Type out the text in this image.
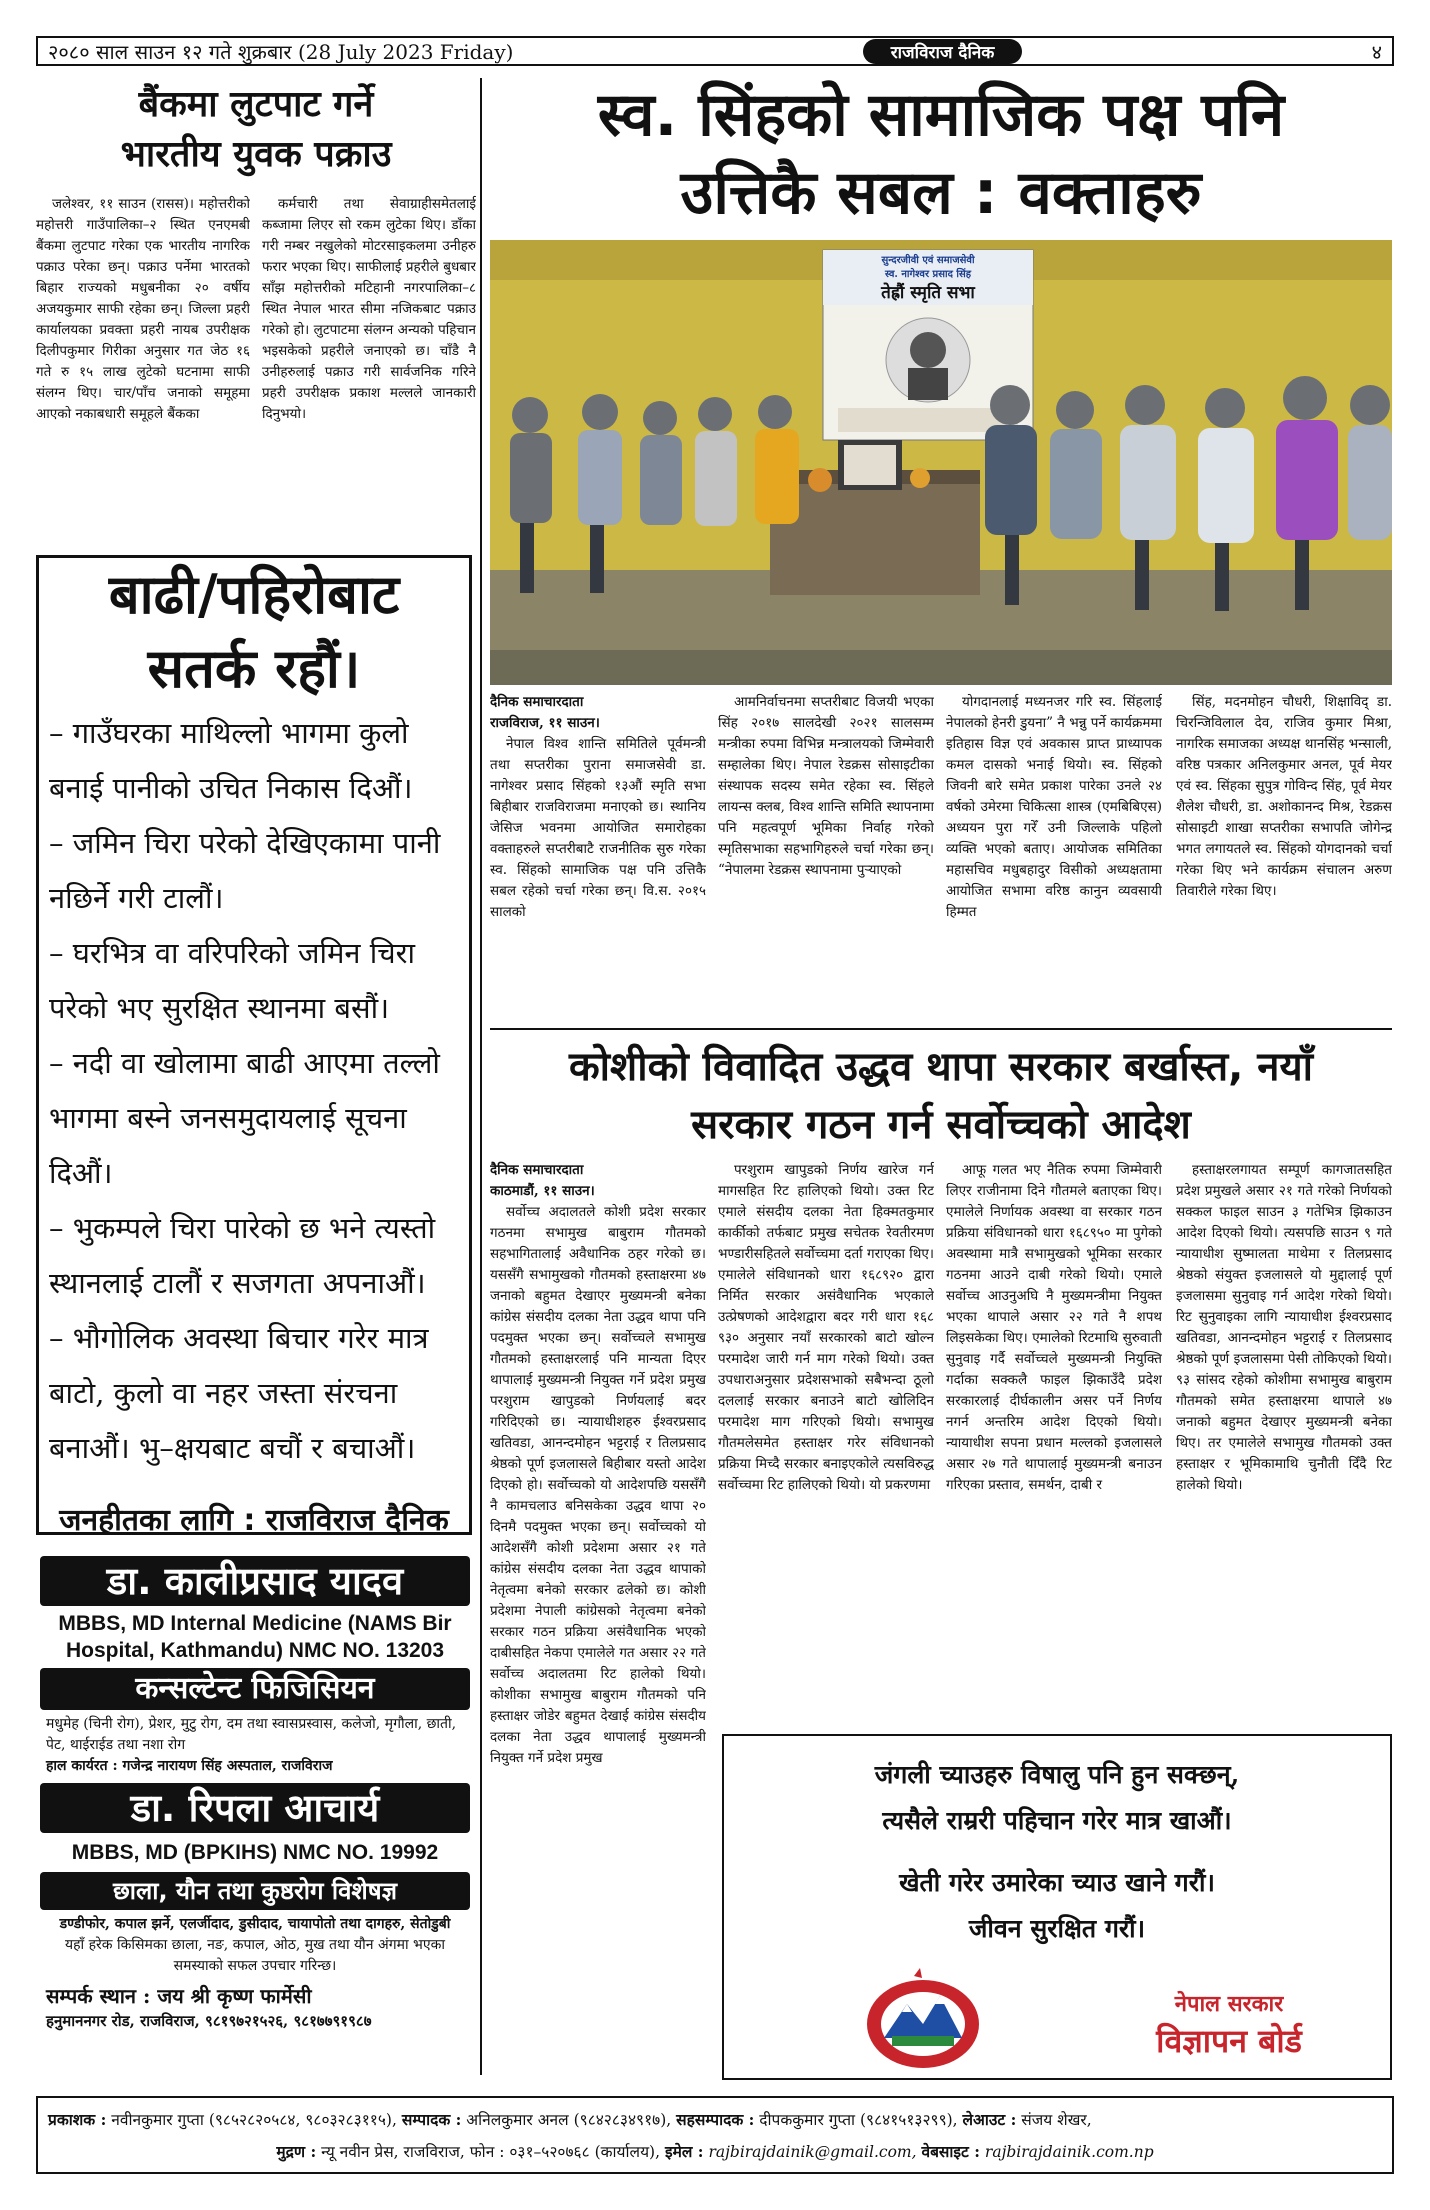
२०८० साल साउन १२ गते शुक्रबार (28 July 2023 Friday)	राजविराज दैनिक	४
बैंकमा लुटपाट गर्ने
भारतीय युवक पक्राउ

जलेश्वर, ११ साउन (रासस)। महोत्तरीको महोत्तरी गाउँपालिका–२ स्थित एनएमबी बैंकमा लुटपाट गरेका एक भारतीय नागरिक पक्राउ परेका छन्। पक्राउ पर्नेमा भारतको बिहार राज्यको मधुबनीका २० वर्षीय अजयकुमार साफी रहेका छन्। जिल्ला प्रहरी कार्यालयका प्रवक्ता प्रहरी नायब उपरीक्षक दिलीपकुमार गिरीका अनुसार गत जेठ १६ गते रु १५ लाख लुटेको घटनामा साफी संलग्न थिए। चार/पाँच जनाको समूहमा आएको नकाबधारी समूहले बैंकका

कर्मचारी तथा सेवाग्राहीसमेतलाई कब्जामा लिएर सो रकम लुटेका थिए। डाँका गरी नम्बर नखुलेको मोटरसाइकलमा उनीहरु फरार भएका थिए। साफीलाई प्रहरीले बुधबार साँझ महोत्तरीको मटिहानी नगरपालिका–८ स्थित नेपाल भारत सीमा नजिकबाट पक्राउ गरेको हो। लुटपाटमा संलग्न अन्यको पहिचान भइसकेको प्रहरीले जनाएको छ। चाँडै नै उनीहरुलाई पक्राउ गरी सार्वजनिक गरिने प्रहरी उपरीक्षक प्रकाश मल्लले जानकारी दिनुभयो।

स्व. सिंहको सामाजिक पक्ष पनि
उत्तिकै सबल : वक्ताहरु
सुन्दरजीवी एवं समाजसेवी
स्व. नागेश्वर प्रसाद सिंह
तेह्रौं स्मृति सभा

दैनिक समाचारदाता

राजविराज, ११ साउन।

नेपाल विश्व शान्ति समितिले पूर्वमन्त्री तथा सप्तरीका पुराना समाजसेवी डा. नागेश्वर प्रसाद सिंहको १३औं स्मृति सभा बिहीबार राजविराजमा मनाएको छ। स्थानिय जेसिज भवनमा आयोजित समारोहका वक्ताहरुले सप्तरीबाटै राजनीतिक सुरु गरेका स्व. सिंहको सामाजिक पक्ष पनि उत्तिकै सबल रहेको चर्चा गरेका छन्। वि.स. २०१५ सालको

आमनिर्वाचनमा सप्तरीबाट विजयी भएका सिंह २०१७ सालदेखी २०२१ सालसम्म मन्त्रीका रुपमा विभिन्न मन्त्रालयको जिम्मेवारी सम्हालेका थिए। नेपाल रेडक्रस सोसाइटीका संस्थापक सदस्य समेत रहेका स्व. सिंहले लायन्स क्लब, विश्व शान्ति समिति स्थापनामा पनि महत्वपूर्ण भूमिका निर्वाह गरेको स्मृतिसभाका सहभागिहरुले चर्चा गरेका छन्। “नेपालमा रेडक्रस स्थापनामा पुऱ्याएको

योगदानलाई मध्यनजर गरि स्व. सिंहलाई नेपालको हेनरी डुयना” नै भन्नु पर्ने कार्यक्रममा इतिहास विज्ञ एवं अवकास प्राप्त प्राध्यापक कमल दासको भनाई थियो। स्व. सिंहको जिवनी बारे समेत प्रकाश पारेका उनले २४ वर्षको उमेरमा चिकित्सा शास्त्र (एमबिबिएस) अध्ययन पुरा गरेँ उनी जिल्लाके पहिलो व्यक्ति भएको बताए। आयोजक समितिका महासचिव मधुबहादुर विसीको अध्यक्षतामा आयोजित सभामा वरिष्ठ कानुन व्यवसायी हिम्मत

सिंह, मदनमोहन चौधरी, शिक्षाविद् डा. चिरन्जिविलाल देव, राजिव कुमार मिश्रा, नागरिक समाजका अध्यक्ष थानसिंह भन्साली, वरिष्ठ पत्रकार अनिलकुमार अनल, पूर्व मेयर एवं स्व. सिंहका सुपुत्र गोविन्द सिंह, पूर्व मेयर शैलेश चौधरी, डा. अशोकानन्द मिश्र, रेडक्रस सोसाइटी शाखा सप्तरीका सभापति जोगेन्द्र भगत लगायतले स्व. सिंहको योगदानको चर्चा गरेका थिए भने कार्यक्रम संचालन अरुण तिवारीले गरेका थिए।

बाढी/पहिरोबाट
सतर्क रहौं।
– गाउँघरका माथिल्लो भागमा कुलो बनाई पानीको उचित निकास दिऔं।
– जमिन चिरा परेको देखिएकामा पानी नछिर्ने गरी टालौं।
– घरभित्र वा वरिपरिको जमिन चिरा परेको भए सुरक्षित स्थानमा बसौं।
– नदी वा खोलामा बाढी आएमा तल्लो भागमा बस्ने जनसमुदायलाई सूचना दिऔं।
– भुकम्पले चिरा पारेको छ भने त्यस्तो स्थानलाई टालौं र सजगता अपनाऔं।
– भौगोलिक अवस्था बिचार गरेर मात्र बाटो, कुलो वा नहर जस्ता संरचना बनाऔं। भु–क्षयबाट बचौं र बचाऔं।
जनहीतका लागि : राजविराज दैनिक
डा. कालीप्रसाद यादव
MBBS, MD Internal Medicine (NAMS Bir Hospital, Kathmandu) NMC NO. 13203
कन्सल्टेन्ट फिजिसियन
मधुमेह (चिनी रोग), प्रेशर, मुटु रोग, दम तथा स्वासप्रस्वास, कलेजो, मृगौला, छाती, पेट, थाईराईड तथा नशा रोग
हाल कार्यरत : गजेन्द्र नारायण सिंह अस्पताल, राजविराज
डा. रिपला आचार्य
MBBS, MD (BPKIHS) NMC NO. 19992
छाला, यौन तथा कुष्ठरोग विशेषज्ञ
डण्डीफोर, कपाल झर्ने, एलर्जीदाद, डुसीदाद, चायापोतो तथा दागहरु, सेतोडुबी
यहाँ हरेक किसिमका छाला, नङ, कपाल, ओठ, मुख तथा यौन अंगमा भएका समस्याको सफल उपचार गरिन्छ।
सम्पर्क स्थान : जय श्री कृष्ण फार्मेसी
हनुमाननगर रोड, राजविराज, ९८१९७२१५२६, ९८१७७९१९८७
कोशीको विवादित उद्धव थापा सरकार बर्खास्त, नयाँ
सरकार गठन गर्न सर्वोच्चको आदेश

दैनिक समाचारदाता

काठमाडौं, ११ साउन।

सर्वोच्च अदालतले कोशी प्रदेश सरकार गठनमा सभामुख बाबुराम गौतमको सहभागितालाई अवैधानिक ठहर गरेको छ। यससँगै सभामुखको गौतमको हस्ताक्षरमा ४७ जनाको बहुमत देखाएर मुख्यमन्त्री बनेका कांग्रेस संसदीय दलका नेता उद्धव थापा पनि पदमुक्त भएका छन्। सर्वोच्चले सभामुख गौतमको हस्ताक्षरलाई पनि मान्यता दिएर थापालाई मुख्यमन्त्री नियुक्त गर्ने प्रदेश प्रमुख परशुराम खापुडको निर्णयलाई बदर गरिदिएको छ। न्यायाधीशहरु ईश्वरप्रसाद खतिवडा, आनन्दमोहन भट्टराई र तिलप्रसाद श्रेष्ठको पूर्ण इजलासले बिहीबार यस्तो आदेश दिएको हो। सर्वोच्चको यो आदेशपछि यससँगै नै कामचलाउ बनिसकेका उद्धव थापा २० दिनमै पदमुक्त भएका छन्। सर्वोच्चको यो आदेशसँगै कोशी प्रदेशमा असार २१ गते कांग्रेस संसदीय दलका नेता उद्धव थापाको नेतृत्वमा बनेको सरकार ढलेको छ। कोशी प्रदेशमा नेपाली कांग्रेसको नेतृत्वमा बनेको सरकार गठन प्रक्रिया असंवैधानिक भएको दाबीसहित नेकपा एमालेले गत असार २२ गते सर्वोच्च अदालतमा रिट हालेको थियो। कोशीका सभामुख बाबुराम गौतमको पनि हस्ताक्षर जोडेर बहुमत देखाई कांग्रेस संसदीय दलका नेता उद्धव थापालाई मुख्यमन्त्री नियुक्त गर्ने प्रदेश प्रमुख

परशुराम खापुडको निर्णय खारेज गर्न मागसहित रिट हालिएको थियो। उक्त रिट एमाले संसदीय दलका नेता हिक्मतकुमार कार्कीको तर्फबाट प्रमुख सचेतक रेवतीरमण भण्डारीसहितले सर्वोच्चमा दर्ता गराएका थिए। एमालेले संविधानको धारा १६८९२० द्वारा निर्मित सरकार असंवैधानिक भएकाले उत्प्रेषणको आदेशद्वारा बदर गरी धारा १६८ ९३० अनुसार नयाँ सरकारको बाटो खोल्न परमादेश जारी गर्न माग गरेको थियो। उक्त उपधाराअनुसार प्रदेशसभाको सबैभन्दा ठूलो दललाई सरकार बनाउने बाटो खोलिदिन परमादेश माग गरिएको थियो। सभामुख गौतमलेसमेत हस्ताक्षर गरेर संविधानको प्रक्रिया मिच्दै सरकार बनाइएकोले त्यसविरुद्ध सर्वोच्चमा रिट हालिएको थियो। यो प्रकरणमा

आफू गलत भए नैतिक रुपमा जिम्मेवारी लिएर राजीनामा दिने गौतमले बताएका थिए। एमालेले निर्णायक अवस्था वा सरकार गठन प्रक्रिया संविधानको धारा १६८९५० मा पुगेको अवस्थामा मात्रै सभामुखको भूमिका सरकार गठनमा आउने दाबी गरेको थियो। एमाले सर्वोच्च आउनुअघि नै मुख्यमन्त्रीमा नियुक्त भएका थापाले असार २२ गते नै शपथ लिइसकेका थिए। एमालेको रिटमाथि सुरुवाती सुनुवाइ गर्दै सर्वोच्चले मुख्यमन्त्री नियुक्ति गर्दाका सक्कलै फाइल झिकाउँदै प्रदेश सरकारलाई दीर्घकालीन असर पर्ने निर्णय नगर्न अन्तरिम आदेश दिएको थियो। न्यायाधीश सपना प्रधान मल्लको इजलासले असार २७ गते थापालाई मुख्यमन्त्री बनाउन गरिएका प्रस्ताव, समर्थन, दाबी र

हस्ताक्षरलगायत सम्पूर्ण कागजातसहित प्रदेश प्रमुखले असार २१ गते गरेको निर्णयको सक्कल फाइल साउन ३ गतेभित्र झिकाउन आदेश दिएको थियो। त्यसपछि साउन ९ गते न्यायाधीश सुष्मालता माथेमा र तिलप्रसाद श्रेष्ठको संयुक्त इजलासले यो मुद्दालाई पूर्ण इजलासमा सुनुवाइ गर्न आदेश गरेको थियो। रिट सुनुवाइका लागि न्यायाधीश ईश्वरप्रसाद खतिवडा, आनन्दमोहन भट्टराई र तिलप्रसाद श्रेष्ठको पूर्ण इजलासमा पेसी तोकिएको थियो। ९३ सांसद रहेको कोशीमा सभामुख बाबुराम गौतमको समेत हस्ताक्षरमा थापाले ४७ जनाको बहुमत देखाएर मुख्यमन्त्री बनेका थिए। तर एमालेले सभामुख गौतमको उक्त हस्ताक्षर र भूमिकामाथि चुनौती दिँदै रिट हालेको थियो।

जंगली च्याउहरु विषालु पनि हुन सक्छन्,
त्यसैले राम्ररी पहिचान गरेर मात्र खाऔं।
खेती गरेर उमारेका च्याउ खाने गरौं।
जीवन सुरक्षित गरौं।
नेपाल सरकार
विज्ञापन बोर्ड
प्रकाशक : नवीनकुमार गुप्ता (९८५२८२०५८४, ९८०३२८३११५), सम्पादक : अनिलकुमार अनल (९८४२८३४९१७), सहसम्पादक : दीपककुमार गुप्ता (९८४१५१३२९९), लेआउट : संजय शेखर,
मुद्रण : न्यू नवीन प्रेस, राजविराज, फोन : ०३१–५२०७६८ (कार्यालय), इमेल : rajbirajdainik@gmail.com, वेबसाइट : rajbirajdainik.com.np
